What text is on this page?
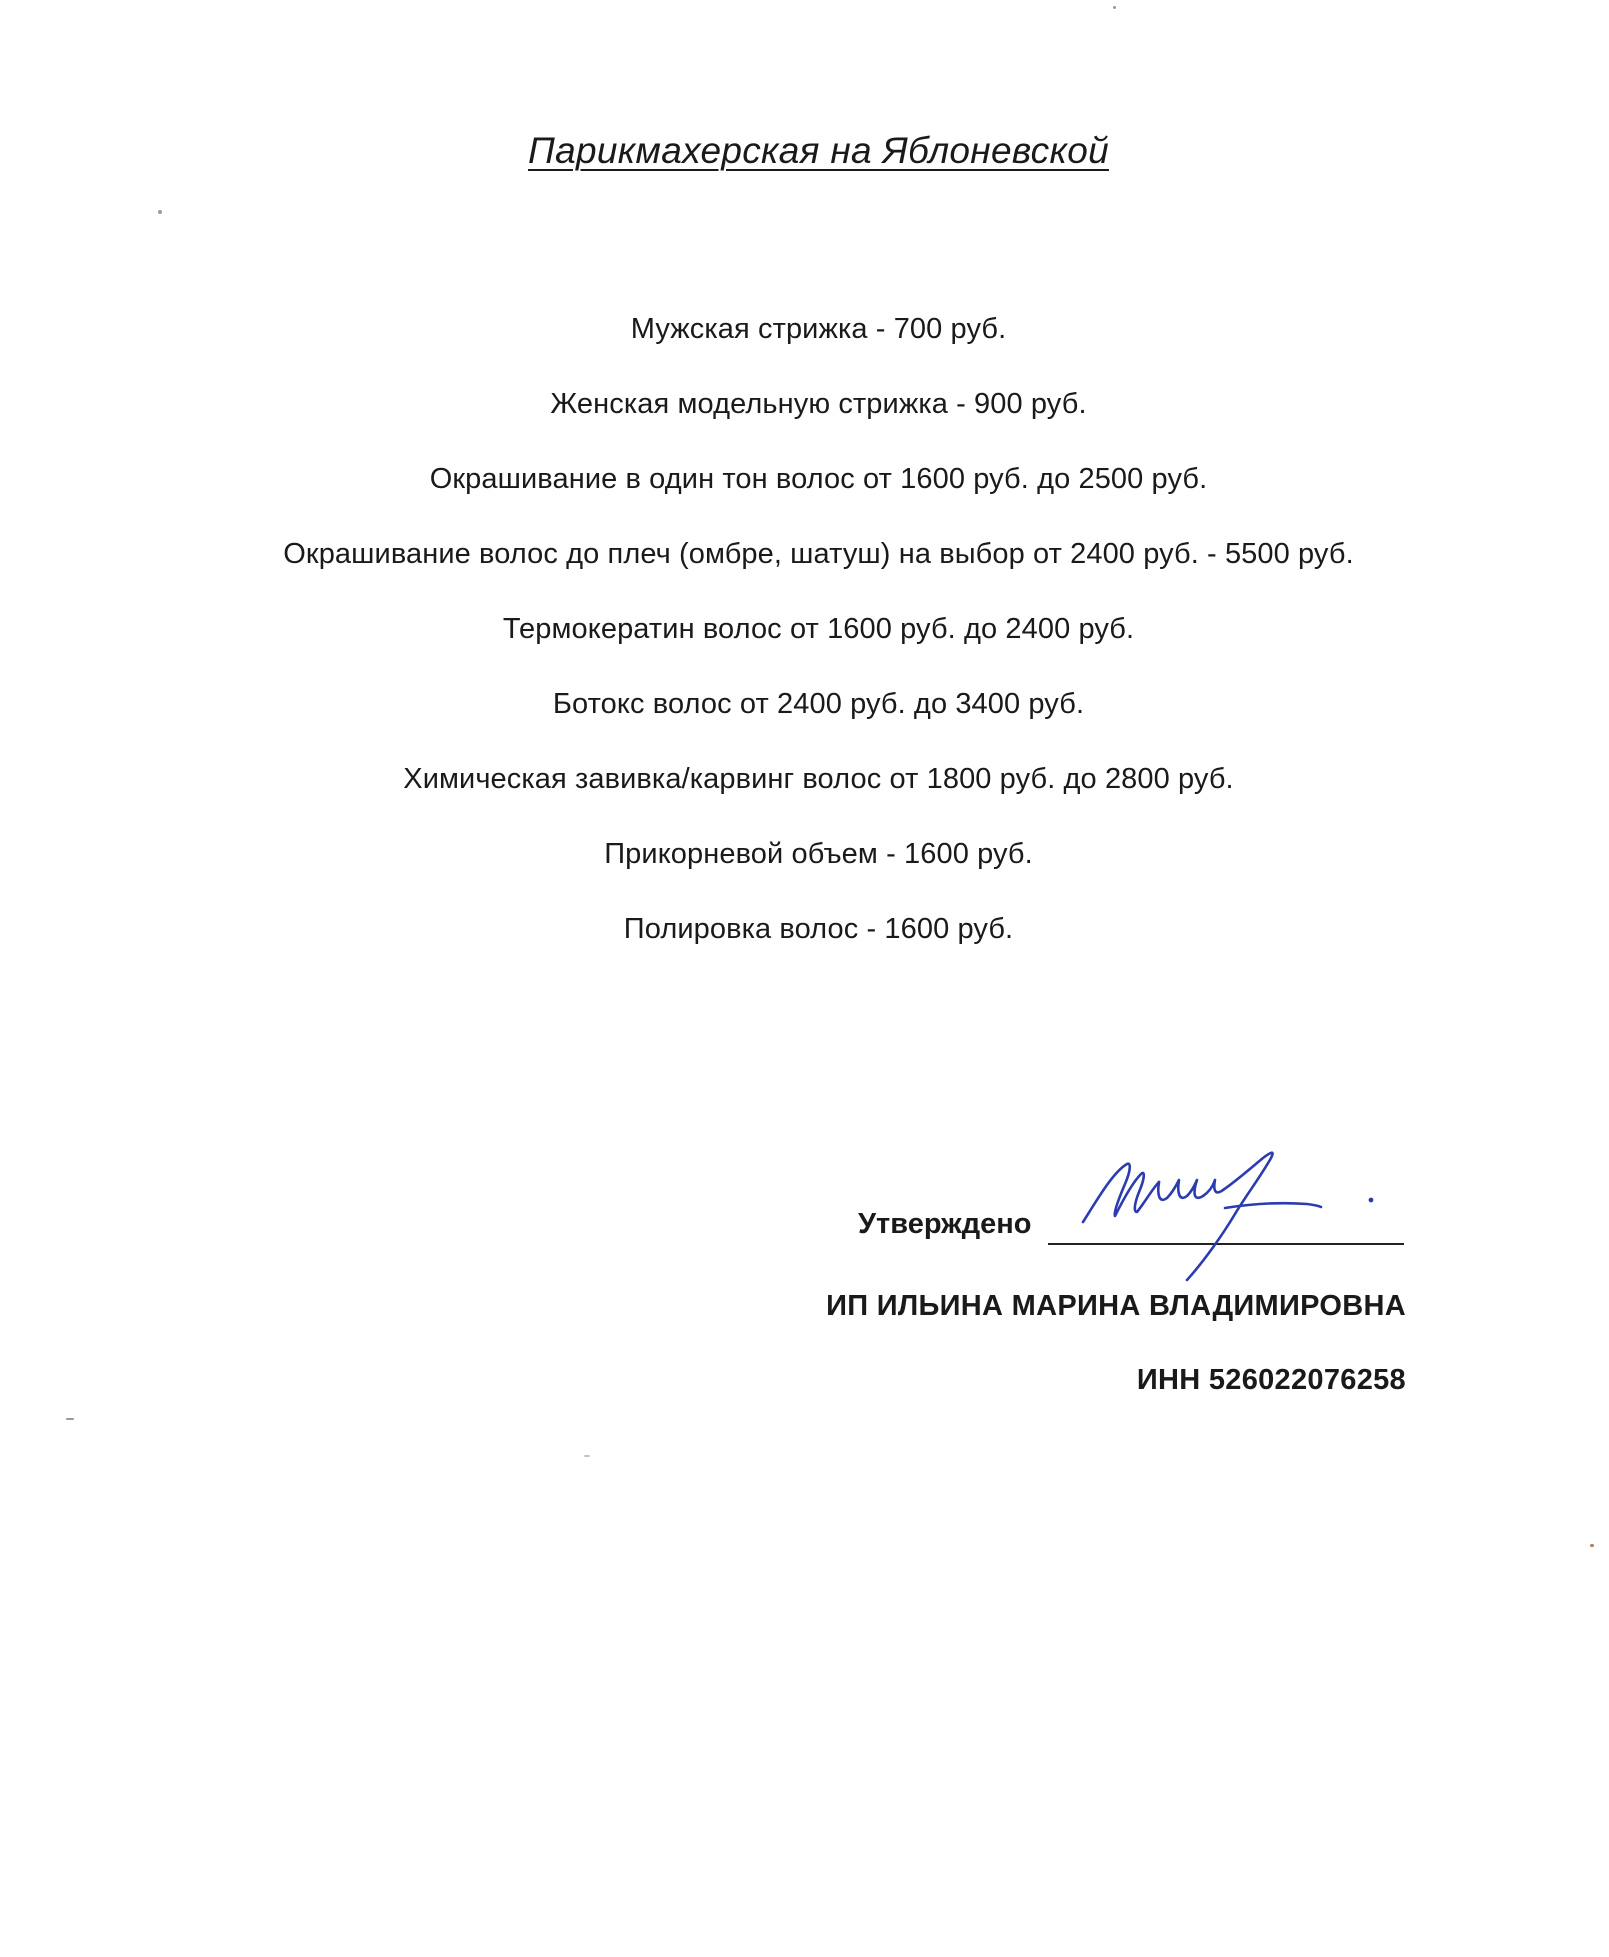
Парикмахерская на Яблоневской
Мужская стрижка - 700 руб.
Женская модельную стрижка - 900 руб.
Окрашивание в один тон волос от 1600 руб. до 2500 руб.
Окрашивание волос до плеч (омбре, шатуш) на выбор от 2400 руб. - 5500 руб.
Термокератин волос от 1600 руб. до 2400 руб.
Ботокс волос от 2400 руб. до 3400 руб.
Химическая завивка/карвинг волос от 1800 руб. до 2800 руб.
Прикорневой объем - 1600 руб.
Полировка волос - 1600 руб.
Утверждено
ИП ИЛЬИНА МАРИНА ВЛАДИМИРОВНА
ИНН 526022076258
